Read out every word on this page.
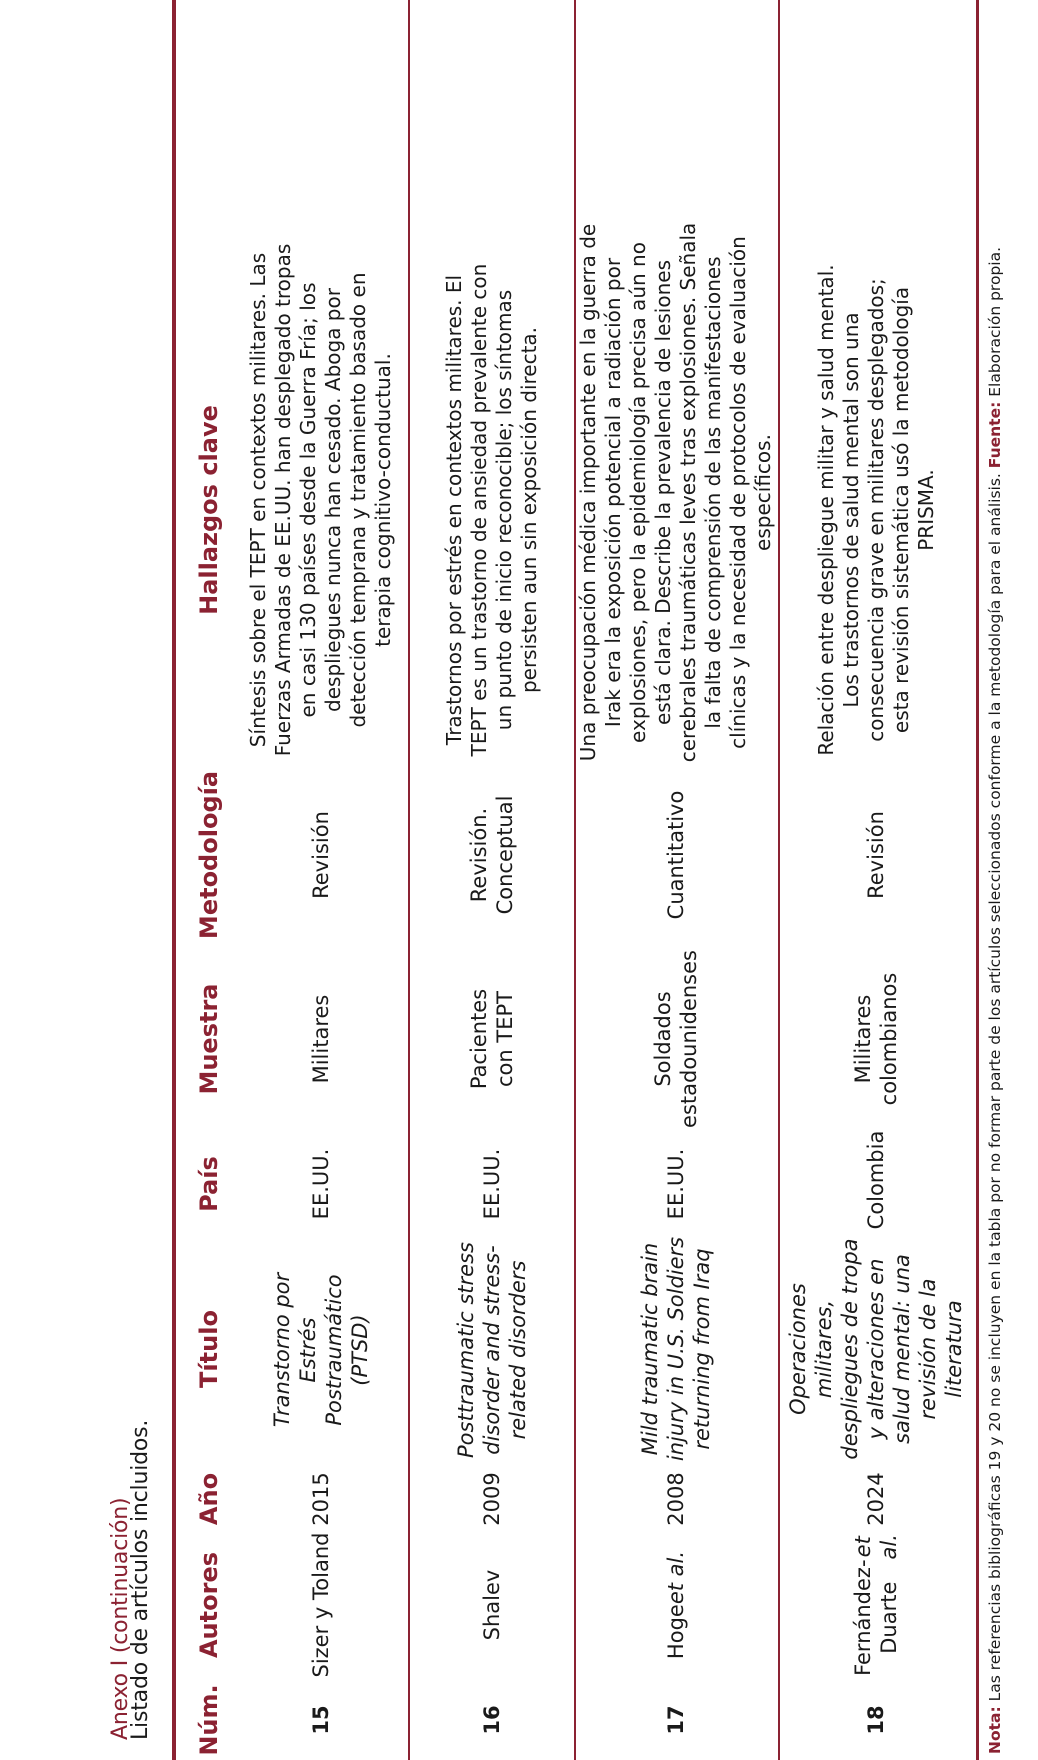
Anexo I (continuación)
Listado de artículos incluidos.	Núm.
Autores
Año
Título
País
Muestra
Metodología
Hallazgos clave
15
Sizer y Toland
2015
Transtorno por Estrés Postraumático (PTSD)
EE.UU.
Militares
Revisión
Síntesis sobre el TEPT en contextos militares. Las Fuerzas Armadas de EE.UU. han desplegado tropas en casi 130 países desde la Guerra Fría; los despliegues nunca han cesado. Aboga por detección temprana y tratamiento basado en terapia cognitivo-conductual.
16
Shalev
2009
Posttraumatic stress disorder and stress-related disorders
EE.UU.
Pacientes con TEPT
Revisión. Conceptual
Trastornos por estrés en contextos militares. El TEPT es un trastorno de ansiedad prevalente con un punto de inicio reconocible; los síntomas persisten aun sin exposición directa.
17
Hoge
et al.
2008
Mild traumatic brain injury in U.S. Soldiers returning from Iraq
EE.UU.
Soldados estadounidenses
Cuantitativo
Una preocupación médica importante en la guerra de Irak era la exposición potencial a radiación por explosiones, pero la epidemiología precisa aún no está clara. Describe la prevalencia de lesiones cerebrales traumáticas leves tras explosiones. Señala la falta de comprensión de las manifestaciones clínicas y la necesidad de protocolos de evaluación específicos.
18
Fernández-Duarte
et al.
2024
Operaciones militares, despliegues de tropa y alteraciones en salud mental: una revisión de la literatura
Colombia
Militares colombianos
Revisión
Relación entre despliegue militar y salud mental. Los trastornos de salud mental son una consecuencia grave en militares desplegados; esta revisión sistemática usó la metodología PRISMA.
Nota: Las referencias bibliográficas 19 y 20 no se incluyen en la tabla por no formar parte de los artículos seleccionados conforme a la metodología para el análisis. Fuente: Elaboración propia.
